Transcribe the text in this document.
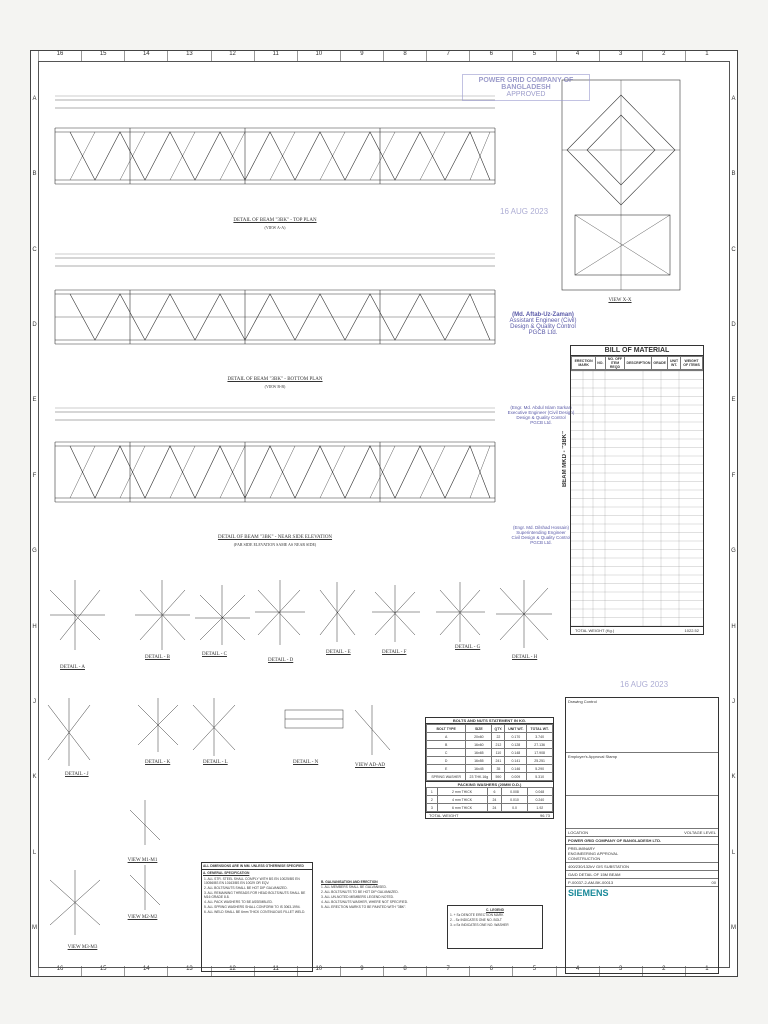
16	15	14	13	12	11	10	9	8	7	6	5	4	3	2	1
16	15	14	13	12	11	10	9	8	7	6	5	4	3	2	1
A
B
C
D
E
F
G
H
J
K
L
M
A
B
C
D
E
F
G
H
J
K
L
M
DETAIL OF BEAM "3BK" - TOP PLAN
(VIEW A-A)
DETAIL OF BEAM "3BK" - BOTTOM PLAN
(VIEW B-B)
DETAIL OF BEAM "3BK" - NEAR SIDE ELEVATION
(FAR SIDE ELEVATION SAME AS NEAR SIDE)
VIEW X-X
VIEW M1-M1
VIEW M2-M2
VIEW M3-M3
DETAIL - A
DETAIL - B
DETAIL - C
DETAIL - D
DETAIL - E	DETAIL - F
DETAIL - G
DETAIL - H
DETAIL - J
DETAIL - K	DETAIL - L	DETAIL - N
VIEW AD-AD
POWER GRID COMPANY OF BANGLADESH
APPROVED
16 AUG 2023
16 AUG 2023
(Md. Aftab-Uz-Zaman)
Assistant Engineer (Civil)
Design & Quality Control
PGCB Ltd.
(Engr. Md. Abdul Islam Sarkar)
Executive Engineer (Civil Design)
Design & Quality Control
PGCB Ltd.
(Engr. Md. Dilshad Hossain)
Superintending Engineer
Civil Design & Quality Control
PGCB Ltd.
BILL OF MATERIAL
ERECTION MARK	NO.	NO. OFF ITEM REQD	DESCRIPTION	GRADE	UNIT WT.	WEIGHT OF ITEMS
BEAM MKD - "3BK"
TOTAL WEIGHT (Kg.)	1022.52
BOLTS AND NUTS STATEMENT IN KG.
BOLT TYPE	SIZE	QTY.	UNIT WT.	TOTAL WT.
A	20x60	22	0.170	3.740
B	16x60	212	0.128	27.136
C	16x65	110	0.148	17.908
D	16x55	241	0.141	25.251
E	16x45	35	0.146	5.290
SPRING WASHER	23 THK.16g	590	0.009	5.310
PACKING WASHERS (20MM O.D.)
1	2 mm THICK	6	0.008	0.048
2	4 mm THICK	24	0.010	0.240
3	6 mm THICK	24	0.0	1.92
TOTAL WEIGHT	96.73
ALL DIMENSIONS ARE IN MM. UNLESS OTHERWISE SPECIFIED
A. GENERAL SPECIFICATION
1. ALL STR. STEEL SHALL COMPLY WITH BS EN 10025/BS EN 10056/BS EN 10163/BS EN 10029 OR EQV.
2. ALL BOLTS/NUTS SHALL BE HOT DIP GALVANIZED.
3. ALL REMAINING THREADS FOR HEAD BOLTS/NUTS SHALL BE M16 GRADE 8.8.
4. ALL PACK WASHERS TO BE ASSEMBLED.
5. ALL SPRING WASHERS SHALL CONFORM TO IS 3063-1994.
6. ALL WELD SHALL BE 6mm THICK CONTINUOUS FILLET WELD.
B. GALVANISATION AND ERECTION
1. ALL MEMBERS SHALL BE GALVANISED.
2. ALL BOLTS/NUTS TO BE HOT DIP GALVANIZED.
3. ALL UN-NOTED MEMBERS LEGEND NOTED.
4. ALL BOLTS/NUTS WASHER, WHERE NOT SPECIFIED.
5. ALL ERECTION MARKS TO BE PAINTED WITH "3BK".
C. LEGEND
1. + Sz DENOTE ERECTION MARK
2. - Sz INDICATES ONE NO. BOLT
3. o Sz INDICATES ONE NO. WASHER
Drawing Control
Employer's Approval Stamp
LOCATION	VOLTAGE LEVEL
POWER GRID COMPANY OF BANGLADESH LTD.
PRELIMINARY
ENGINEERING APPROVAL
CONSTRUCTION
400/230/132kV GIS SUBSTATION
GA/D DETAIL OF 15M BEAM
P-00037-2-AM-BK-00013	00
SIEMENS
